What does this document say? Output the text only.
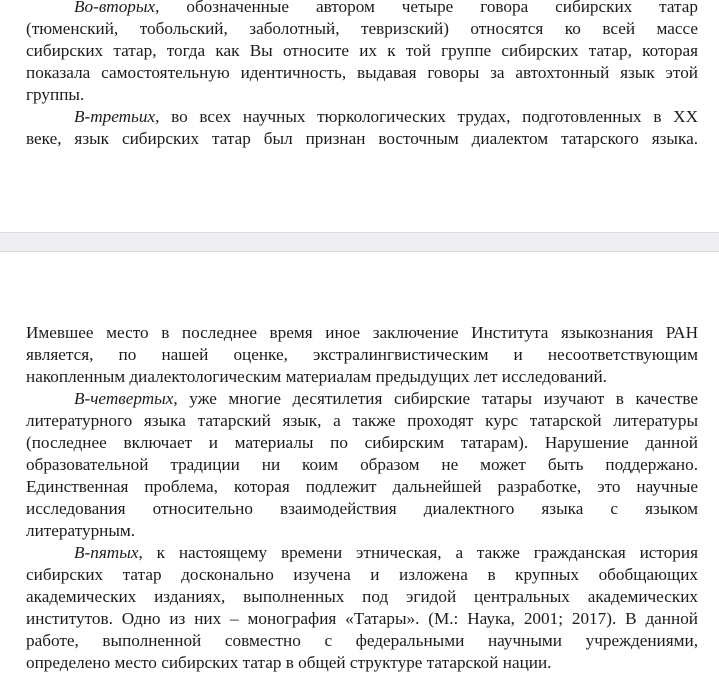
Во-вторых, обозначенные автором четыре говора сибирских татар
(тюменский, тобольский, заболотный, тевризский) относятся ко всей массе
сибирских татар, тогда как Вы относите их к той группе сибирских татар, которая
показала самостоятельную идентичность, выдавая говоры за автохтонный язык этой
группы.
В-третьих, во всех научных тюркологических трудах, подготовленных в XX
веке, язык сибирских татар был признан восточным диалектом татарского языка.
Имевшее место в последнее время иное заключение Института языкознания РАН
является, по нашей оценке, экстралингвистическим и несоответствующим
накопленным диалектологическим материалам предыдущих лет исследований.
В-четвертых, уже многие десятилетия сибирские татары изучают в качестве
литературного языка татарский язык, а также проходят курс татарской литературы
(последнее включает и материалы по сибирским татарам). Нарушение данной
образовательной традиции ни коим образом не может быть поддержано.
Единственная проблема, которая подлежит дальнейшей разработке, это научные
исследования относительно взаимодействия диалектного языка с языком
литературным.
В-пятых, к настоящему времени этническая, а также гражданская история
сибирских татар досконально изучена и изложена в крупных обобщающих
академических изданиях, выполненных под эгидой центральных академических
институтов. Одно из них – монография «Татары». (М.: Наука, 2001; 2017). В данной
работе, выполненной совместно с федеральными научными учреждениями,
определено место сибирских татар в общей структуре татарской нации.
